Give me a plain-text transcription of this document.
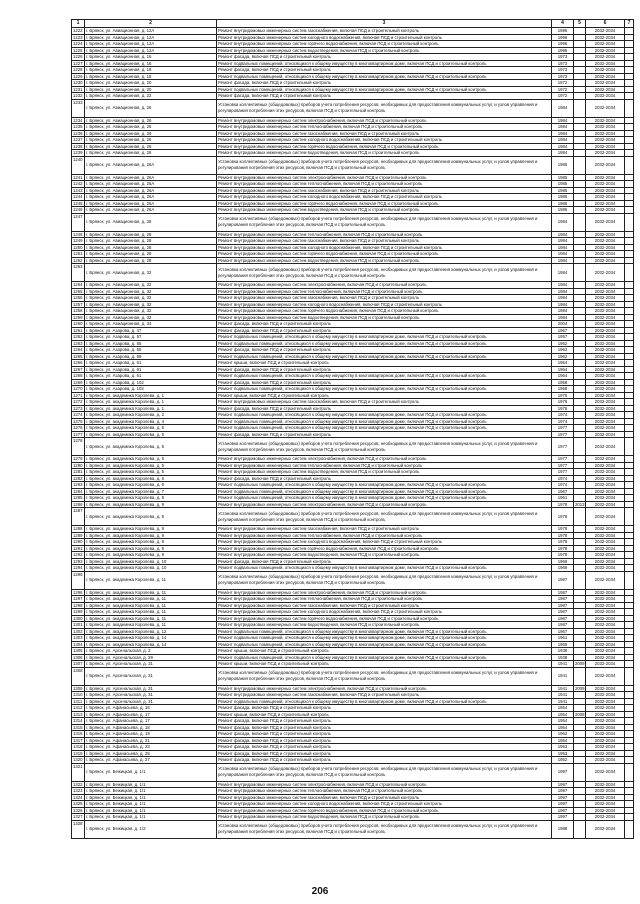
1	2	3	4	5	6	7
1222	г. Брянск, ул. Авиационная, д. 12А	Ремонт внутридомовых инженерных систем газоснабжения, включая ПСД и строительный контроль	1996		2032-2034	
1223	г. Брянск, ул. Авиационная, д. 12А	Ремонт внутридомовых инженерных систем холодного водоснабжения, включая ПСД и строительный контроль	1996		2032-2034	
1224	г. Брянск, ул. Авиационная, д. 12А	Ремонт внутридомовых инженерных систем горячего водоснабжения, включая ПСД и строительный контроль	1996		2032-2034	
1225	г. Брянск, ул. Авиационная, д. 12А	Ремонт внутридомовых инженерных систем водоотведения, включая ПСД и строительный контроль	1996		2032-2034	
1226	г. Брянск, ул. Авиационная, д. 16	Ремонт фасада, включая ПСД и строительный контроль	1973		2032-2034	
1227	г. Брянск, ул. Авиационная, д. 16	Ремонт подвальных помещений, относящихся к общему имуществу в многоквартирном доме, включая ПСД и строительный контроль	1973		2032-2034	
1228	г. Брянск, ул. Авиационная, д. 18	Ремонт фасада, включая ПСД и строительный контроль	1973		2032-2034	
1229	г. Брянск, ул. Авиационная, д. 18	Ремонт подвальных помещений, относящихся к общему имуществу в многоквартирном доме, включая ПСД и строительный контроль	1973		2032-2034	
1230	г. Брянск, ул. Авиационная, д. 20	Ремонт фасада, включая ПСД и строительный контроль	1972		2032-2034	
1231	г. Брянск, ул. Авиационная, д. 20	Ремонт подвальных помещений, относящихся к общему имуществу в многоквартирном доме, включая ПСД и строительный контроль	1972		2032-2034	
1232	г. Брянск, ул. Авиационная, д. 22	Ремонт фасада, включая ПСД и строительный контроль	1972		2032-2034	
1233	г. Брянск, ул. Авиационная, д. 26	Установка коллективных (общедомовых) приборов учета потребления ресурсов, необходимых для предоставления коммунальных услуг, и узлов управления и регулирования потребления этих ресурсов, включая ПСД и строительный контроль	1984		2032-2034	
1234	г. Брянск, ул. Авиационная, д. 26	Ремонт внутридомовых инженерных систем электроснабжения, включая ПСД и строительный контроль	1984		2032-2034	
1235	г. Брянск, ул. Авиационная, д. 26	Ремонт внутридомовых инженерных систем теплоснабжения, включая ПСД и строительный контроль	1984		2032-2034	
1236	г. Брянск, ул. Авиационная, д. 26	Ремонт внутридомовых инженерных систем газоснабжения, включая ПСД и строительный контроль	1984		2032-2034	
1237	г. Брянск, ул. Авиационная, д. 26	Ремонт внутридомовых инженерных систем холодного водоснабжения, включая ПСД и строительный контроль	1984		2032-2034	
1238	г. Брянск, ул. Авиационная, д. 26	Ремонт внутридомовых инженерных систем горячего водоснабжения, включая ПСД и строительный контроль	1984		2032-2034	
1239	г. Брянск, ул. Авиационная, д. 26	Ремонт внутридомовых инженерных систем водоотведения, включая ПСД и строительный контроль	1984		2032-2034	
1240	г. Брянск, ул. Авиационная, д. 26А	Установка коллективных (общедомовых) приборов учета потребления ресурсов, необходимых для предоставления коммунальных услуг, и узлов управления и регулирования потребления этих ресурсов, включая ПСД и строительный контроль	1985		2032-2034	
1241	г. Брянск, ул. Авиационная, д. 26А	Ремонт внутридомовых инженерных систем электроснабжения, включая ПСД и строительный контроль	1985		2032-2034	
1242	г. Брянск, ул. Авиационная, д. 26А	Ремонт внутридомовых инженерных систем теплоснабжения, включая ПСД и строительный контроль	1985		2032-2034	
1243	г. Брянск, ул. Авиационная, д. 26А	Ремонт внутридомовых инженерных систем газоснабжения, включая ПСД и строительный контроль	1985		2032-2034	
1244	г. Брянск, ул. Авиационная, д. 26А	Ремонт внутридомовых инженерных систем холодного водоснабжения, включая ПСД и строительный контроль	1985		2032-2034	
1245	г. Брянск, ул. Авиационная, д. 26А	Ремонт внутридомовых инженерных систем горячего водоснабжения, включая ПСД и строительный контроль	1985		2032-2034	
1246	г. Брянск, ул. Авиационная, д. 26А	Ремонт внутридомовых инженерных систем водоотведения, включая ПСД и строительный контроль	1985		2032-2034	
1247	г. Брянск, ул. Авиационная, д. 28	Установка коллективных (общедомовых) приборов учета потребления ресурсов, необходимых для предоставления коммунальных услуг, и узлов управления и регулирования потребления этих ресурсов, включая ПСД и строительный контроль	1984		2032-2034	
1248	г. Брянск, ул. Авиационная, д. 28	Ремонт внутридомовых инженерных систем теплоснабжения, включая ПСД и строительный контроль	1984		2032-2034	
1249	г. Брянск, ул. Авиационная, д. 28	Ремонт внутридомовых инженерных систем газоснабжения, включая ПСД и строительный контроль	1984		2032-2034	
1250	г. Брянск, ул. Авиационная, д. 28	Ремонт внутридомовых инженерных систем холодного водоснабжения, включая ПСД и строительный контроль	1984		2032-2034	
1251	г. Брянск, ул. Авиационная, д. 28	Ремонт внутридомовых инженерных систем горячего водоснабжения, включая ПСД и строительный контроль	1984		2032-2034	
1252	г. Брянск, ул. Авиационная, д. 28	Ремонт внутридомовых инженерных систем водоотведения, включая ПСД и строительный контроль	1984		2032-2034	
1253	г. Брянск, ул. Авиационная, д. 32	Установка коллективных (общедомовых) приборов учета потребления ресурсов, необходимых для предоставления коммунальных услуг, и узлов управления и регулирования потребления этих ресурсов, включая ПСД и строительный контроль	1984		2032-2034	
1254	г. Брянск, ул. Авиационная, д. 32	Ремонт внутридомовых инженерных систем электроснабжения, включая ПСД и строительный контроль	1984		2032-2034	
1255	г. Брянск, ул. Авиационная, д. 32	Ремонт внутридомовых инженерных систем теплоснабжения, включая ПСД и строительный контроль	1984		2032-2034	
1256	г. Брянск, ул. Авиационная, д. 32	Ремонт внутридомовых инженерных систем газоснабжения, включая ПСД и строительный контроль	1984		2032-2034	
1257	г. Брянск, ул. Авиационная, д. 32	Ремонт внутридомовых инженерных систем холодного водоснабжения, включая ПСД и строительный контроль	1984		2032-2034	
1258	г. Брянск, ул. Авиационная, д. 32	Ремонт внутридомовых инженерных систем горячего водоснабжения, включая ПСД и строительный контроль	1984		2032-2034	
1259	г. Брянск, ул. Авиационная, д. 32	Ремонт внутридомовых инженерных систем водоотведения, включая ПСД и строительный контроль	1984		2032-2034	
1260	г. Брянск, ул. Авиационная, д. 34	Ремонт фасада, включая ПСД и строительный контроль	2004		2032-2034	
1261	г. Брянск, ул. Азарова, д. 47	Ремонт фасада, включая ПСД и строительный контроль	1957		2032-2034	
1262	г. Брянск, ул. Азарова, д. 57	Ремонт подвальных помещений, относящихся к общему имуществу в многоквартирном доме, включая ПСД и строительный контроль	1957		2032-2034	
1263	г. Брянск, ул. Азарова, д. 55	Ремонт подвальных помещений, относящихся к общему имуществу в многоквартирном доме, включая ПСД и строительный контроль	1962		2032-2034	
1264	г. Брянск, ул. Азарова, д. 55	Ремонт фасада, включая ПСД и строительный контроль	1962		2032-2034	
1265	г. Брянск, ул. Азарова, д. 59	Ремонт подвальных помещений, относящихся к общему имуществу в многоквартирном доме, включая ПСД и строительный контроль	1962		2032-2034	
1266	г. Брянск, ул. Азарова, д. 61	Ремонт крыши, включая ПСД и строительный контроль	1964		2032-2034	
1267	г. Брянск, ул. Азарова, д. 61	Ремонт фасада, включая ПСД и строительный контроль	1964		2032-2034	
1268	г. Брянск, ул. Азарова, д. 61	Ремонт подвальных помещений, относящихся к общему имуществу в многоквартирном доме, включая ПСД и строительный контроль	1964		2032-2034	
1269	г. Брянск, ул. Азарова, д. 102	Ремонт фасада, включая ПСД и строительный контроль	1958		2032-2034	
1270	г. Брянск, ул. Азарова, д. 102	Ремонт подвальных помещений, относящихся к общему имуществу в многоквартирном доме, включая ПСД и строительный контроль	1958		2032-2034	
1271	г. Брянск, ул. академика Королева, д. 1	Ремонт крыши, включая ПСД и строительный контроль	1976		2032-2034	
1272	г. Брянск, ул. академика Королева, д. 1	Ремонт внутридомовых инженерных систем газоснабжения, включая ПСД и строительный контроль	1976		2032-2034	
1273	г. Брянск, ул. академика Королева, д. 1	Ремонт фасада, включая ПСД и строительный контроль	1976		2032-2034	
1274	г. Брянск, ул. академика Королева, д. 2	Ремонт подвальных помещений, относящихся к общему имуществу в многоквартирном доме, включая ПСД и строительный контроль	1974		2032-2034	
1275	г. Брянск, ул. академика Королева, д. 4	Ремонт подвальных помещений, относящихся к общему имуществу в многоквартирном доме, включая ПСД и строительный контроль	1974		2032-2034	
1276	г. Брянск, ул. академика Королева, д. 5	Ремонт подвальных помещений, относящихся к общему имуществу в многоквартирном доме, включая ПСД и строительный контроль	1977		2032-2034	
1277	г. Брянск, ул. академика Королева, д. 5	Ремонт фасада, включая ПСД и строительный контроль	1977		2032-2034	
1278	г. Брянск, ул. академика Королева, д. 5	Установка коллективных (общедомовых) приборов учета потребления ресурсов, необходимых для предоставления коммунальных услуг, и узлов управления и регулирования потребления этих ресурсов, включая ПСД и строительный контроль	1977		2032-2034	
1279	г. Брянск, ул. академика Королева, д. 5	Ремонт внутридомовых инженерных систем электроснабжения, включая ПСД и строительный контроль	1977		2032-2034	
1280	г. Брянск, ул. академика Королева, д. 5	Ремонт внутридомовых инженерных систем теплоснабжения, включая ПСД и строительный контроль	1977		2032-2034	
1281	г. Брянск, ул. академика Королева, д. 5	Ремонт внутридомовых инженерных систем водоотведения, включая ПСД и строительный контроль	1977		2032-2034	
1282	г. Брянск, ул. академика Королева, д. 6	Ремонт фасада, включая ПСД и строительный контроль	1974		2032-2034	
1283	г. Брянск, ул. академика Королева, д. 6	Ремонт подвальных помещений, относящихся к общему имуществу в многоквартирном доме, включая ПСД и строительный контроль	1974		2032-2034	
1284	г. Брянск, ул. академика Королева, д. 7	Ремонт подвальных помещений, относящихся к общему имуществу в многоквартирном доме, включая ПСД и строительный контроль	1967		2032-2034	
1285	г. Брянск, ул. академика Королева, д. 8	Ремонт подвальных помещений, относящихся к общему имуществу в многоквартирном доме, включая ПСД и строительный контроль	1961		2032-2034	
1286	г. Брянск, ул. академика Королева, д. 9	Ремонт внутридомовых инженерных систем электроснабжения, включая ПСД и строительный контроль	1978	2013	2032-2034	
1287	г. Брянск, ул. академика Королева, д. 9	Установка коллективных (общедомовых) приборов учета потребления ресурсов, необходимых для предоставления коммунальных услуг, и узлов управления и регулирования потребления этих ресурсов, включая ПСД и строительный контроль	1978		2032-2034	
1288	г. Брянск, ул. академика Королева, д. 9	Ремонт внутридомовых инженерных систем газоснабжения, включая ПСД и строительный контроль	1978		2032-2034	
1289	г. Брянск, ул. академика Королева, д. 9	Ремонт внутридомовых инженерных систем теплоснабжения, включая ПСД и строительный контроль	1978		2032-2034	
1290	г. Брянск, ул. академика Королева, д. 9	Ремонт внутридомовых инженерных систем холодного водоснабжения, включая ПСД и строительный контроль	1978		2032-2034	
1291	г. Брянск, ул. академика Королева, д. 9	Ремонт внутридомовых инженерных систем горячего водоснабжения, включая ПСД и строительный контроль	1978		2032-2034	
1292	г. Брянск, ул. академика Королева, д. 9	Ремонт внутридомовых инженерных систем водоотведения, включая ПСД и строительный контроль	1978		2032-2034	
1293	г. Брянск, ул. академика Королева, д. 10	Ремонт фасада, включая ПСД и строительный контроль	1969		2032-2034	
1294	г. Брянск, ул. академика Королева, д. 10	Ремонт подвальных помещений, относящихся к общему имуществу в многоквартирном доме, включая ПСД и строительный контроль	1969		2032-2034	
1295	г. Брянск, ул. академика Королева, д. 11	Установка коллективных (общедомовых) приборов учета потребления ресурсов, необходимых для предоставления коммунальных услуг, и узлов управления и регулирования потребления этих ресурсов, включая ПСД и строительный контроль	1987		2032-2034	
1296	г. Брянск, ул. академика Королева, д. 11	Ремонт внутридомовых инженерных систем электроснабжения, включая ПСД и строительный контроль	1987		2032-2034	
1297	г. Брянск, ул. академика Королева, д. 11	Ремонт внутридомовых инженерных систем теплоснабжения, включая ПСД и строительный контроль	1987		2032-2034	
1298	г. Брянск, ул. академика Королева, д. 11	Ремонт внутридомовых инженерных систем газоснабжения, включая ПСД и строительный контроль	1987		2032-2034	
1299	г. Брянск, ул. академика Королева, д. 11	Ремонт внутридомовых инженерных систем холодного водоснабжения, включая ПСД и строительный контроль	1987		2032-2034	
1300	г. Брянск, ул. академика Королева, д. 11	Ремонт внутридомовых инженерных систем горячего водоснабжения, включая ПСД и строительный контроль	1987		2032-2034	
1301	г. Брянск, ул. академика Королева, д. 11	Ремонт внутридомовых инженерных систем водоотведения, включая ПСД и строительный контроль	1987		2032-2034	
1302	г. Брянск, ул. академика Королева, д. 12	Ремонт подвальных помещений, относящихся к общему имуществу в многоквартирном доме, включая ПСД и строительный контроль	1967		2032-2034	
1303	г. Брянск, ул. академика Королева, д. 14	Ремонт подвальных помещений, относящихся к общему имуществу в многоквартирном доме, включая ПСД и строительный контроль	1961		2032-2034	
1304	г. Брянск, ул. академика Королева, д. 14	Ремонт подвальных помещений, относящихся к общему имуществу в многоквартирном доме, включая ПСД и строительный контроль	1955		2032-2034	
1305	г. Брянск, ул. Арсенальская, д. 2	Ремонт крыши, включая ПСД и строительный контроль	1938		2032-2034	
1306	г. Брянск, ул. Арсенальская, д. 29	Ремонт подвальных помещений, относящихся к общему имуществу в многоквартирном доме, включая ПСД и строительный контроль	1938		2032-2034	
1307	г. Брянск, ул. Арсенальская, д. 31	Ремонт крыши, включая ПСД и строительный контроль	1941	2009	2032-2034	
1308	г. Брянск, ул. Арсенальская, д. 31	Установка коллективных (общедомовых) приборов учета потребления ресурсов, необходимых для предоставления коммунальных услуг, и узлов управления и регулирования потребления этих ресурсов, включая ПСД и строительный контроль	1941		2032-2034	
1309	г. Брянск, ул. Арсенальская, д. 31	Ремонт внутридомовых инженерных систем электроснабжения, включая ПСД и строительный контроль	1941	2009	2032-2034	
1310	г. Брянск, ул. Арсенальская, д. 31	Ремонт внутридомовых инженерных систем газоснабжения, включая ПСД и строительный контроль	1941		2032-2034	
1311	г. Брянск, ул. Арсенальская, д. 31	Ремонт подвальных помещений, относящихся к общему имуществу в многоквартирном доме, включая ПСД и строительный контроль	1941		2032-2034	
1312	г. Брянск, ул. Афанасьева, д. 16	Ремонт фасада, включая ПСД и строительный контроль	1954		2032-2034	
1313	г. Брянск, ул. Афанасьева, д. 17	Ремонт крыши, включая ПСД и строительный контроль	1954	2008	2032-2034	
1314	г. Брянск, ул. Афанасьева, д. 17	Ремонт фасада, включая ПСД и строительный контроль	1954		2032-2034	
1315	г. Брянск, ул. Афанасьева, д. 18	Ремонт фасада, включая ПСД и строительный контроль	1954		2032-2034	
1316	г. Брянск, ул. Афанасьева, д. 19	Ремонт фасада, включая ПСД и строительный контроль	1962		2032-2034	
1317	г. Брянск, ул. Афанасьева, д. 21	Ремонт фасада, включая ПСД и строительный контроль	1954		2032-2034	
1318	г. Брянск, ул. Афанасьева, д. 23	Ремонт фасада, включая ПСД и строительный контроль	1953		2032-2034	
1319	г. Брянск, ул. Афанасьева, д. 25	Ремонт фасада, включая ПСД и строительный контроль	1953		2032-2034	
1320	г. Брянск, ул. Афанасьева, д. 27	Ремонт фасада, включая ПСД и строительный контроль	1952		2032-2034	
1321	г. Брянск, ул. Бежицкая, д. 1/1	Установка коллективных (общедомовых) приборов учета потребления ресурсов, необходимых для предоставления коммунальных услуг, и узлов управления и регулирования потребления этих ресурсов, включая ПСД и строительный контроль	1997		2032-2034	
1322	г. Брянск, ул. Бежицкая, д. 1/1	Ремонт внутридомовых инженерных систем электроснабжения, включая ПСД и строительный контроль	1997		2032-2034	
1323	г. Брянск, ул. Бежицкая, д. 1/1	Ремонт внутридомовых инженерных систем теплоснабжения, включая ПСД и строительный контроль	1997		2032-2034	
1324	г. Брянск, ул. Бежицкая, д. 1/1	Ремонт внутридомовых инженерных систем газоснабжения, включая ПСД и строительный контроль	1997		2032-2034	
1325	г. Брянск, ул. Бежицкая, д. 1/1	Ремонт внутридомовых инженерных систем холодного водоснабжения, включая ПСД и строительный контроль	1997		2032-2034	
1326	г. Брянск, ул. Бежицкая, д. 1/1	Ремонт внутридомовых инженерных систем горячего водоснабжения, включая ПСД и строительный контроль	1997		2032-2034	
1327	г. Брянск, ул. Бежицкая, д. 1/1	Ремонт внутридомовых инженерных систем водоотведения, включая ПСД и строительный контроль	1997		2032-2034	
1328	г. Брянск, ул. Бежицкая, д. 1/2	Установка коллективных (общедомовых) приборов учета потребления ресурсов, необходимых для предоставления коммунальных услуг, и узлов управления и регулирования потребления этих ресурсов, включая ПСД и строительный контроль	1988		2032-2034	
206
